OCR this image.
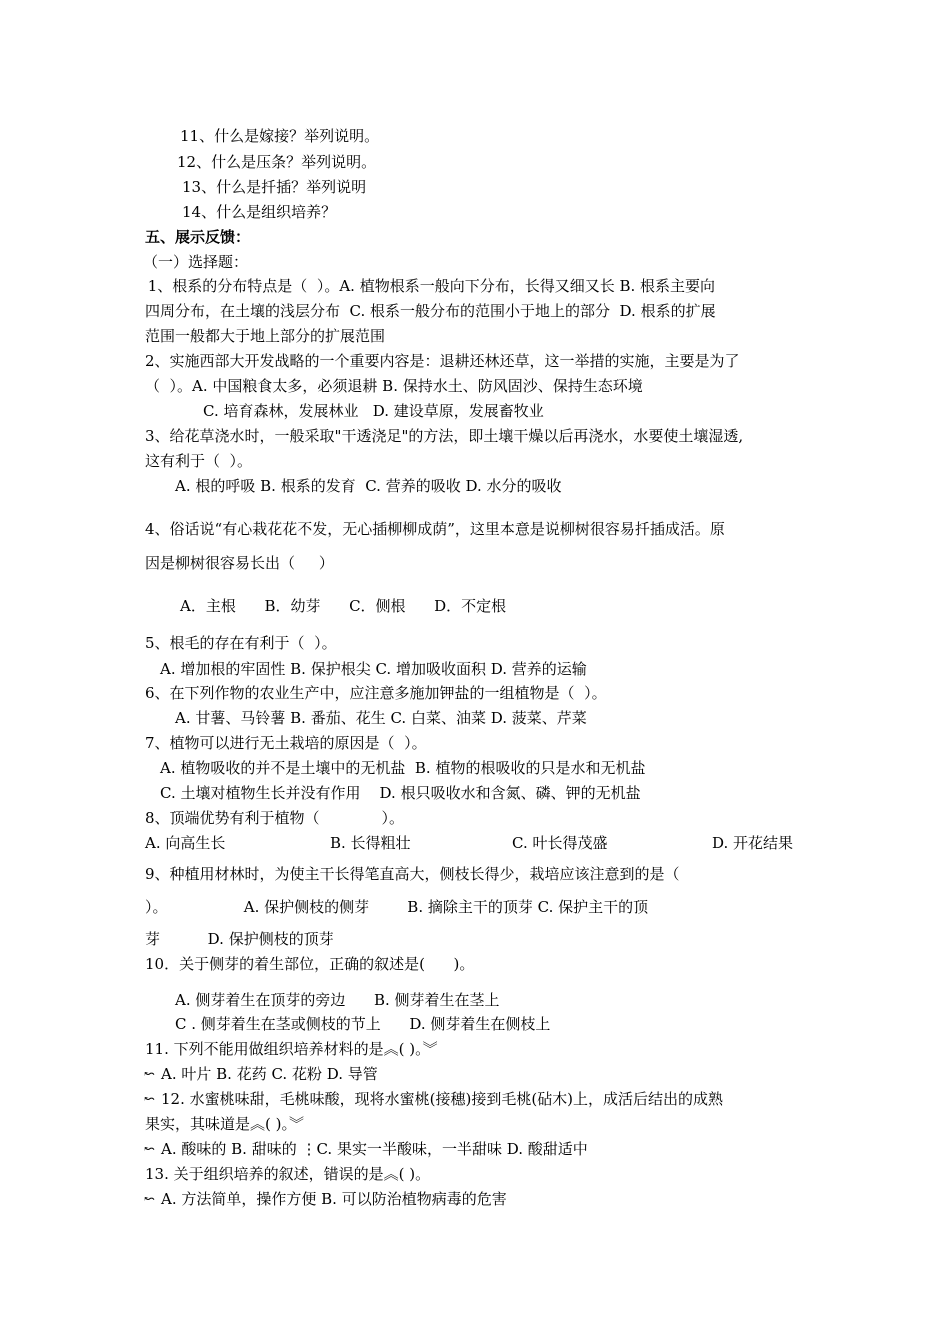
11、什么是嫁接？举列说明。
12、什么是压条？举列说明。
13、什么是扦插？举列说明
14、什么是组织培养？
五、展示反馈：
（一）选择题：
1、根系的分布特点是（  ）。A. 植物根系一般向下分布，长得又细又长 B. 根系主要向
四周分布，在土壤的浅层分布  C. 根系一般分布的范围小于地上的部分  D. 根系的扩展
范围一般都大于地上部分的扩展范围
2、实施西部大开发战略的一个重要内容是：退耕还林还草，这一举措的实施，主要是为了
（  ）。A. 中国粮食太多，必须退耕 B. 保持水土、防风固沙、保持生态环境
C. 培育森林，发展林业   D. 建设草原，发展畜牧业
3、给花草浇水时，一般采取"干透浇足"的方法，即土壤干燥以后再浇水，水要使土壤湿透,
这有利于（  ）。
A. 根的呼吸 B. 根系的发育  C. 营养的吸收 D. 水分的吸收
4、俗话说“有心栽花花不发，无心插柳柳成荫”，这里本意是说柳树很容易扦插成活。原
因是柳树很容易长出（     ）
A．主根      B．幼芽      C．侧根      D．不定根
5、根毛的存在有利于（  ）。
A. 增加根的牢固性 B. 保护根尖 C. 增加吸收面积 D. 营养的运输
6、在下列作物的农业生产中，应注意多施加钾盐的一组植物是（  ）。
A. 甘薯、马铃薯 B. 番茄、花生 C. 白菜、油菜 D. 菠菜、芹菜
7、植物可以进行无土栽培的原因是（  ）。
A. 植物吸收的并不是土壤中的无机盐  B. 植物的根吸收的只是水和无机盐
C. 土壤对植物生长并没有作用    D. 根只吸收水和含氮、磷、钾的无机盐
8、顶端优势有利于植物（             ）。
A. 向高生长	B. 长得粗壮	C. 叶长得茂盛	D. 开花结果
9、种植用材林时，为使主干长得笔直高大，侧枝长得少，栽培应该注意到的是（
）。                A. 保护侧枝的侧芽        B. 摘除主干的顶芽 C. 保护主干的顶
芽          D. 保护侧枝的顶芽
10．关于侧芽的着生部位，正确的叙述是(      )。
A. 侧芽着生在顶芽的旁边      B. 侧芽着生在茎上
C . 侧芽着生在茎或侧枝的节上      D. 侧芽着生在侧枝上
11. 下列不能用做组织培养材料的是︽( )。︾
↜ A. 叶片 B. 花药 C. 花粉 D. 导管
↜ 12. 水蜜桃味甜，毛桃味酸，现将水蜜桃(接穗)接到毛桃(砧木)上，成活后结出的成熟
果实，其味道是︽( )。︾
↜ A. 酸味的 B. 甜味的 ⋮C. 果实一半酸味，一半甜味 D. 酸甜适中
13. 关于组织培养的叙述，错误的是︽( )。
↜ A. 方法简单，操作方便 B. 可以防治植物病毒的危害
